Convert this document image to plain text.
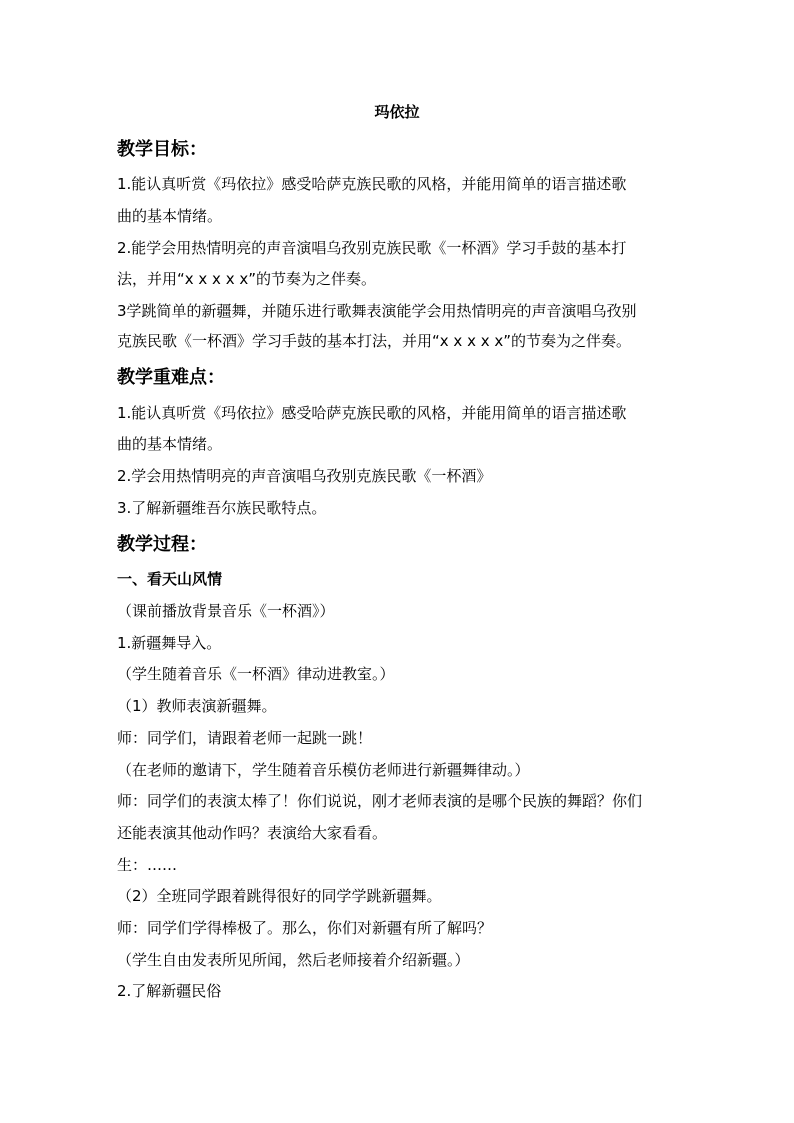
玛依拉
教学目标：
1.能认真听赏《玛依拉》感受哈萨克族民歌的风格，并能用简单的语言描述歌
曲的基本情绪。
2.能学会用热情明亮的声音演唱乌孜别克族民歌《一杯酒》学习手鼓的基本打
法，并用“x x x x x”的节奏为之伴奏。
3学跳简单的新疆舞，并随乐进行歌舞表演能学会用热情明亮的声音演唱乌孜别
克族民歌《一杯酒》学习手鼓的基本打法，并用“x x x x x”的节奏为之伴奏。
教学重难点：
1.能认真听赏《玛依拉》感受哈萨克族民歌的风格，并能用简单的语言描述歌
曲的基本情绪。
2.学会用热情明亮的声音演唱乌孜别克族民歌《一杯酒》
3.了解新疆维吾尔族民歌特点。
教学过程：
一、看天山风情
（课前播放背景音乐《一杯酒》）
1.新疆舞导入。
（学生随着音乐《一杯酒》律动进教室。）
（1）教师表演新疆舞。
师：同学们，请跟着老师一起跳一跳！
（在老师的邀请下，学生随着音乐模仿老师进行新疆舞律动。）
师：同学们的表演太棒了！你们说说，刚才老师表演的是哪个民族的舞蹈？你们
还能表演其他动作吗？表演给大家看看。
生：……
（2）全班同学跟着跳得很好的同学学跳新疆舞。
师：同学们学得棒极了。那么，你们对新疆有所了解吗？
（学生自由发表所见所闻，然后老师接着介绍新疆。）
2.了解新疆民俗
